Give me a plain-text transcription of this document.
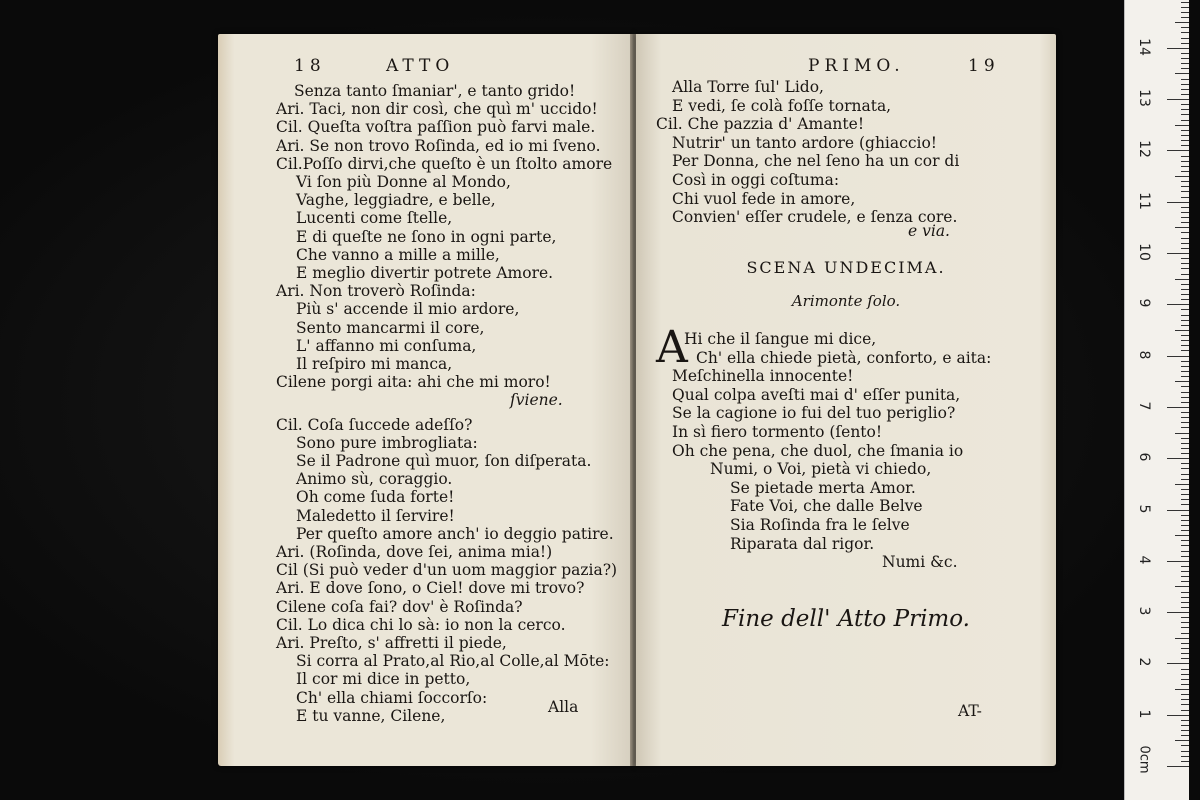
18	ATTO
Senza tanto ſmaniar', e tanto grido!
Ari. Taci, non dir così, che quì m' uccido!
Cil. Queſta voſtra paſſion può farvi male.
Ari. Se non trovo Roſinda, ed io mi ſveno.
Cil.Poſſo dirvi,che queſto è un ſtolto amore
Vi ſon più Donne al Mondo,
Vaghe, leggiadre, e belle,
Lucenti come ſtelle,
E di queſte ne ſono in ogni parte,
Che vanno a mille a mille,
E meglio divertir potrete Amore.
Ari. Non troverò Roſinda:
Più s' accende il mio ardore,
Sento mancarmi il core,
L' affanno mi conſuma,
Il reſpiro mi manca,
Cilene porgi aita: ahi che mi moro!
ſviene.
Cil. Coſa ſuccede adeſſo?
Sono pure imbrogliata:
Se il Padrone quì muor, ſon diſperata.
Animo sù, coraggio.
Oh come ſuda forte!
Maledetto il ſervire!
Per queſto amore anch' io deggio patire.
Ari. (Roſinda, dove ſei, anima mia!)
Cil (Si può veder d'un uom maggior pazia?)
Ari. E dove ſono, o Ciel! dove mi trovo?
Cilene coſa fai? dov' è Roſinda?
Cil. Lo dica chi lo sà: io non la cerco.
Ari. Preſto, s' affretti il piede,
Si corra al Prato,al Rio,al Colle,al Mōte:
Il cor mi dice in petto,
Ch' ella chiami ſoccorſo:
E tu vanne, Cilene,	Alla
PRIMO.	19
Alla Torre ſul' Lido,
E vedi, ſe colà foſſe tornata,
Cil. Che pazzia d' Amante!
Nutrir' un tanto ardore (ghiaccio!
Per Donna, che nel ſeno ha un cor di
Così in oggi coſtuma:
Chi vuol fede in amore,
Convien' eſſer crudele, e ſenza core.
e via.
SCENA UNDECIMA.
Arimonte ſolo.
A
Hi che il ſangue mi dice,
Ch' ella chiede pietà, conforto, e aita:
Meſchinella innocente!
Qual colpa aveſti mai d' eſſer punita,
Se la cagione io fui del tuo periglio?
In sì fiero tormento (ſento!
Oh che pena, che duol, che ſmania io
Numi, o Voi, pietà vi chiedo,
Se pietade merta Amor.
Fate Voi, che dalle Belve
Sia Roſinda fra le ſelve
Riparata dal rigor.
Numi &c.
Fine dell' Atto Primo.
AT-
0cm
1
2
3
4
5
6
7
8
9
10
11
12
13
14
